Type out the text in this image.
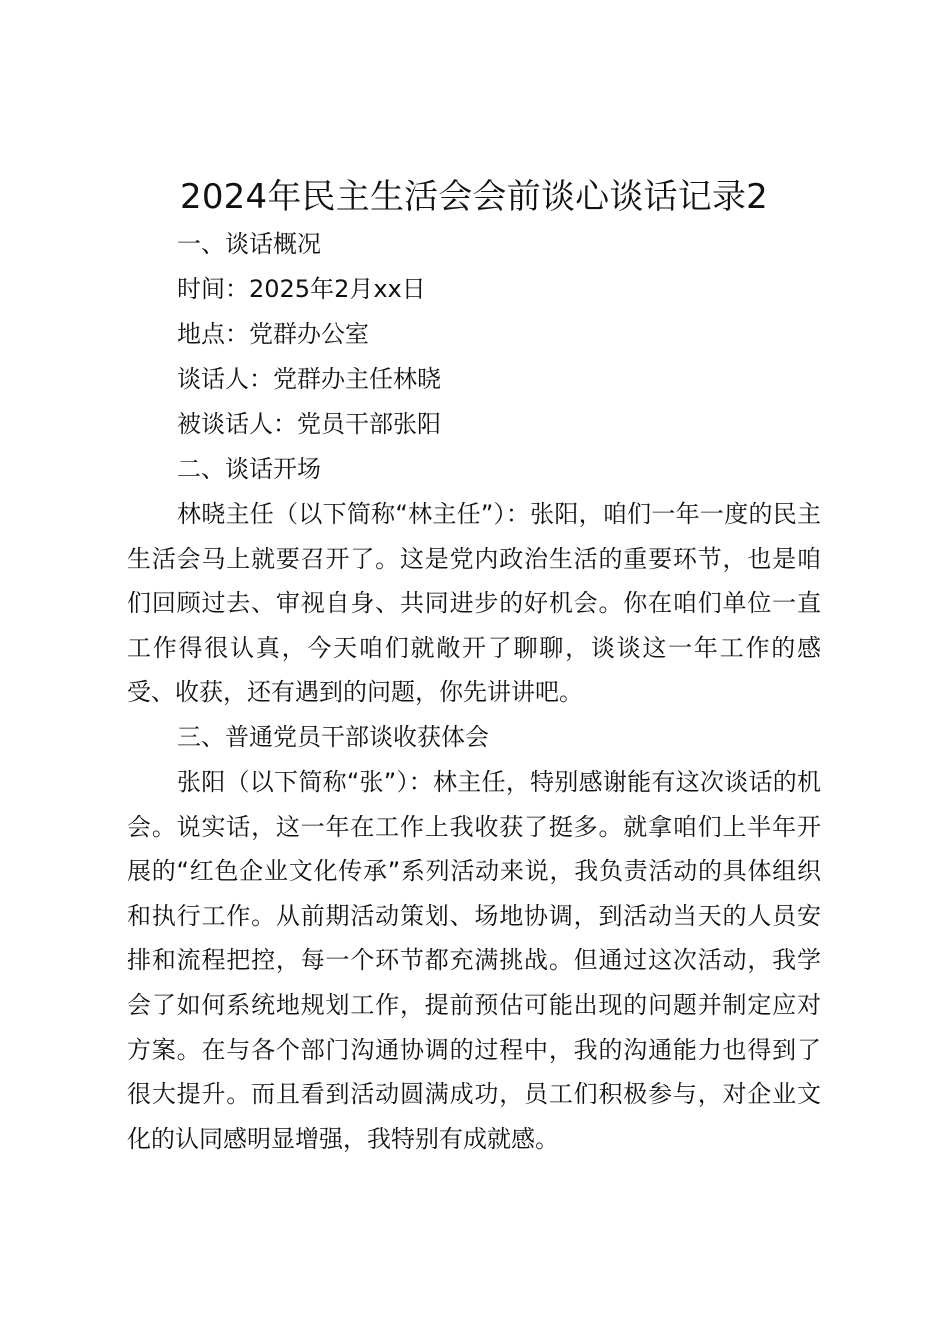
2024年民主生活会会前谈心谈话记录2

一、谈话概况

时间：2025年2月xx日

地点：党群办公室

谈话人：党群办主任林晓

被谈话人：党员干部张阳

二、谈话开场

林晓主任（以下简称“林主任”）：张阳，咱们一年一度的民主生活会马上就要召开了。这是党内政治生活的重要环节，也是咱们回顾过去、审视自身、共同进步的好机会。你在咱们单位一直工作得很认真，今天咱们就敞开了聊聊，谈谈这一年工作的感受、收获，还有遇到的问题，你先讲讲吧。

三、普通党员干部谈收获体会

张阳（以下简称“张”）：林主任，特别感谢能有这次谈话的机会。说实话，这一年在工作上我收获了挺多。就拿咱们上半年开展的“红色企业文化传承”系列活动来说，我负责活动的具体组织和执行工作。从前期活动策划、场地协调，到活动当天的人员安排和流程把控，每一个环节都充满挑战。但通过这次活动，我学会了如何系统地规划工作，提前预估可能出现的问题并制定应对方案。在与各个部门沟通协调的过程中，我的沟通能力也得到了很大提升。而且看到活动圆满成功，员工们积极参与，对企业文化的认同感明显增强，我特别有成就感。
